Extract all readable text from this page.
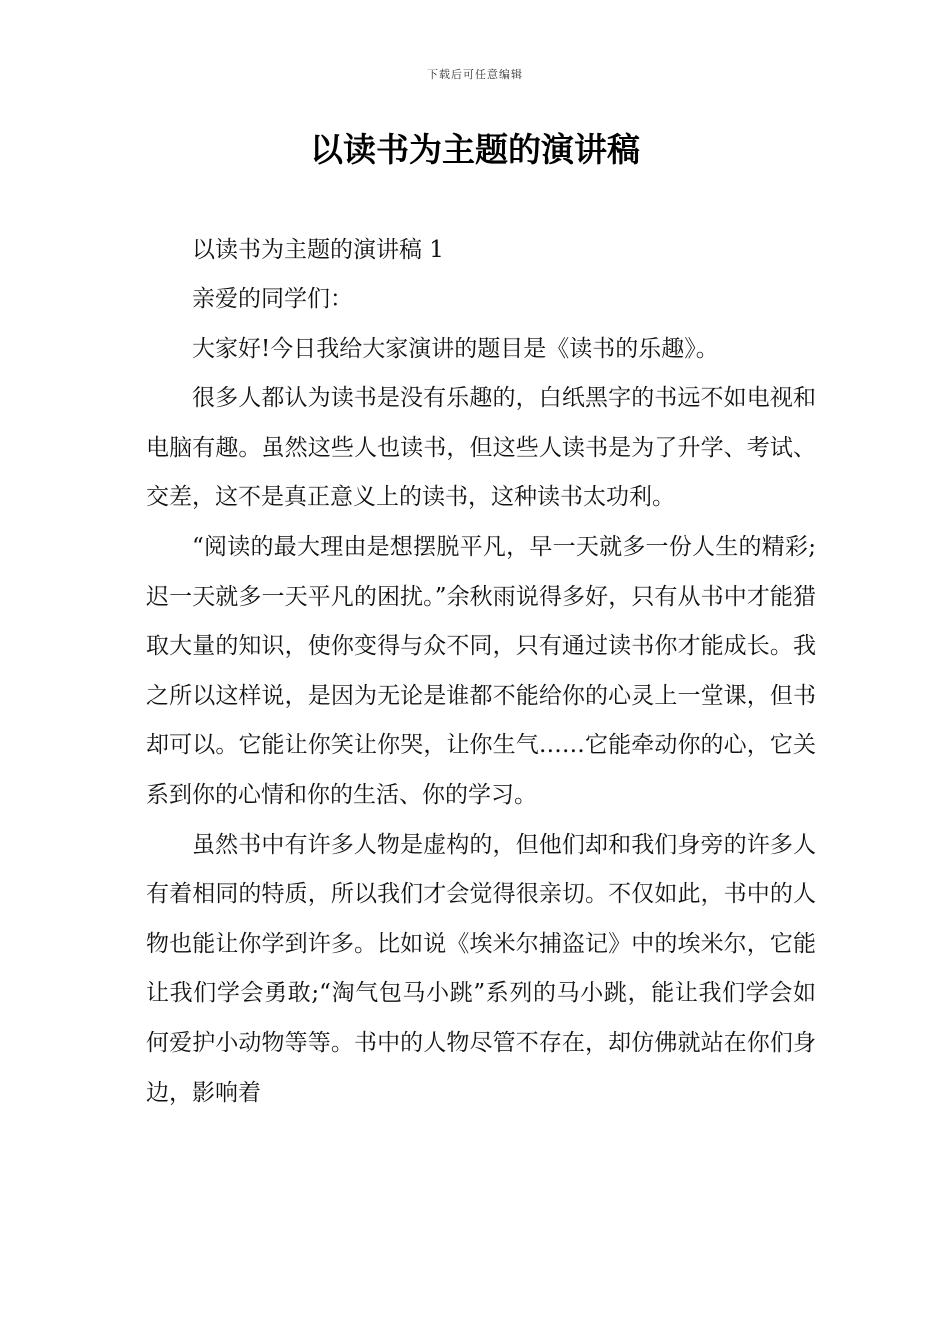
下载后可任意编辑
以读书为主题的演讲稿

以读书为主题的演讲稿 1

亲爱的同学们：

大家好!今日我给大家演讲的题目是《读书的乐趣》。

很多人都认为读书是没有乐趣的，白纸黑字的书远不如电视和电脑有趣。虽然这些人也读书，但这些人读书是为了升学、考试、交差，这不是真正意义上的读书，这种读书太功利。

“阅读的最大理由是想摆脱平凡，早一天就多一份人生的精彩;迟一天就多一天平凡的困扰。”余秋雨说得多好，只有从书中才能猎取大量的知识，使你变得与众不同，只有通过读书你才能成长。我之所以这样说，是因为无论是谁都不能给你的心灵上一堂课，但书却可以。它能让你笑让你哭，让你生气……它能牵动你的心，它关系到你的心情和你的生活、你的学习。

虽然书中有许多人物是虚构的，但他们却和我们身旁的许多人有着相同的特质，所以我们才会觉得很亲切。不仅如此，书中的人物也能让你学到许多。比如说《埃米尔捕盗记》中的埃米尔，它能让我们学会勇敢;“淘气包马小跳”系列的马小跳，能让我们学会如何爱护小动物等等。书中的人物尽管不存在，却仿佛就站在你们身边，影响着
